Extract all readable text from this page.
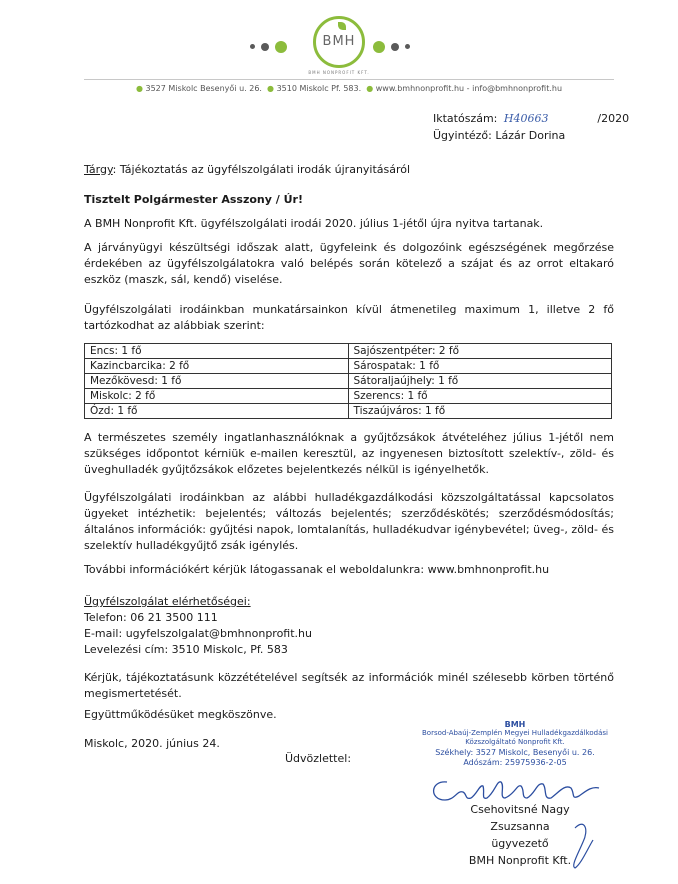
BMH
BMH NONPROFIT KFT.
● 3527 Miskolc Besenyői u. 26. ● 3510 Miskolc Pf. 583. ● www.bmhnonprofit.hu - info@bmhnonprofit.hu
Iktatószám: H40663	/2020
Ügyintéző: Lázár Dorina
Tárgy: Tájékoztatás az ügyfélszolgálati irodák újranyitásáról
Tisztelt Polgármester Asszony / Úr!
A BMH Nonprofit Kft. ügyfélszolgálati irodái 2020. július 1-jétől újra nyitva tartanak.
A járványügyi készültségi időszak alatt, ügyfeleink és dolgozóink egészségének megőrzése érdekében az ügyfélszolgálatokra való belépés során kötelező a szájat és az orrot eltakaró eszköz (maszk, sál, kendő) viselése.
Ügyfélszolgálati irodáinkban munkatársainkon kívül átmenetileg maximum 1, illetve 2 fő tartózkodhat az alábbiak szerint:
Encs: 1 fő	Sajószentpéter: 2 fő
Kazincbarcika: 2 fő	Sárospatak: 1 fő
Mezőkövesd: 1 fő	Sátoraljaújhely: 1 fő
Miskolc: 2 fő	Szerencs: 1 fő
Ózd: 1 fő	Tiszaújváros: 1 fő
A természetes személy ingatlanhasználóknak a gyűjtőzsákok átvételéhez július 1-jétől nem szükséges időpontot kérniük e-mailen keresztül, az ingyenesen biztosított szelektív-, zöld- és üveghulladék gyűjtőzsákok előzetes bejelentkezés nélkül is igényelhetők.
Ügyfélszolgálati irodáinkban az alábbi hulladékgazdálkodási közszolgáltatással kapcsolatos ügyeket intézhetik: bejelentés; változás bejelentés; szerződéskötés; szerződésmódosítás; általános információk: gyűjtési napok, lomtalanítás, hulladékudvar igénybevétel; üveg-, zöld- és szelektív hulladékgyűjtő zsák igénylés.
További információkért kérjük látogassanak el weboldalunkra: www.bmhnonprofit.hu
Ügyfélszolgálat elérhetőségei:
Telefon: 06 21 3500 111
E-mail: ugyfelszolgalat@bmhnonprofit.hu
Levelezési cím: 3510 Miskolc, Pf. 583
Kérjük, tájékoztatásunk közzétételével segítsék az információk minél szélesebb körben történő megismertetését.
Együttműködésüket megköszönve.
Miskolc, 2020. június 24.
Üdvözlettel:
BMH
Borsod-Abaúj-Zemplén Megyei Hulladékgazdálkodási
Közszolgáltató Nonprofit Kft.
Székhely: 3527 Miskolc, Besenyői u. 26.
Adószám: 25975936-2-05
Csehovitsné Nagy Zsuzsanna
ügyvezető
BMH Nonprofit Kft.
